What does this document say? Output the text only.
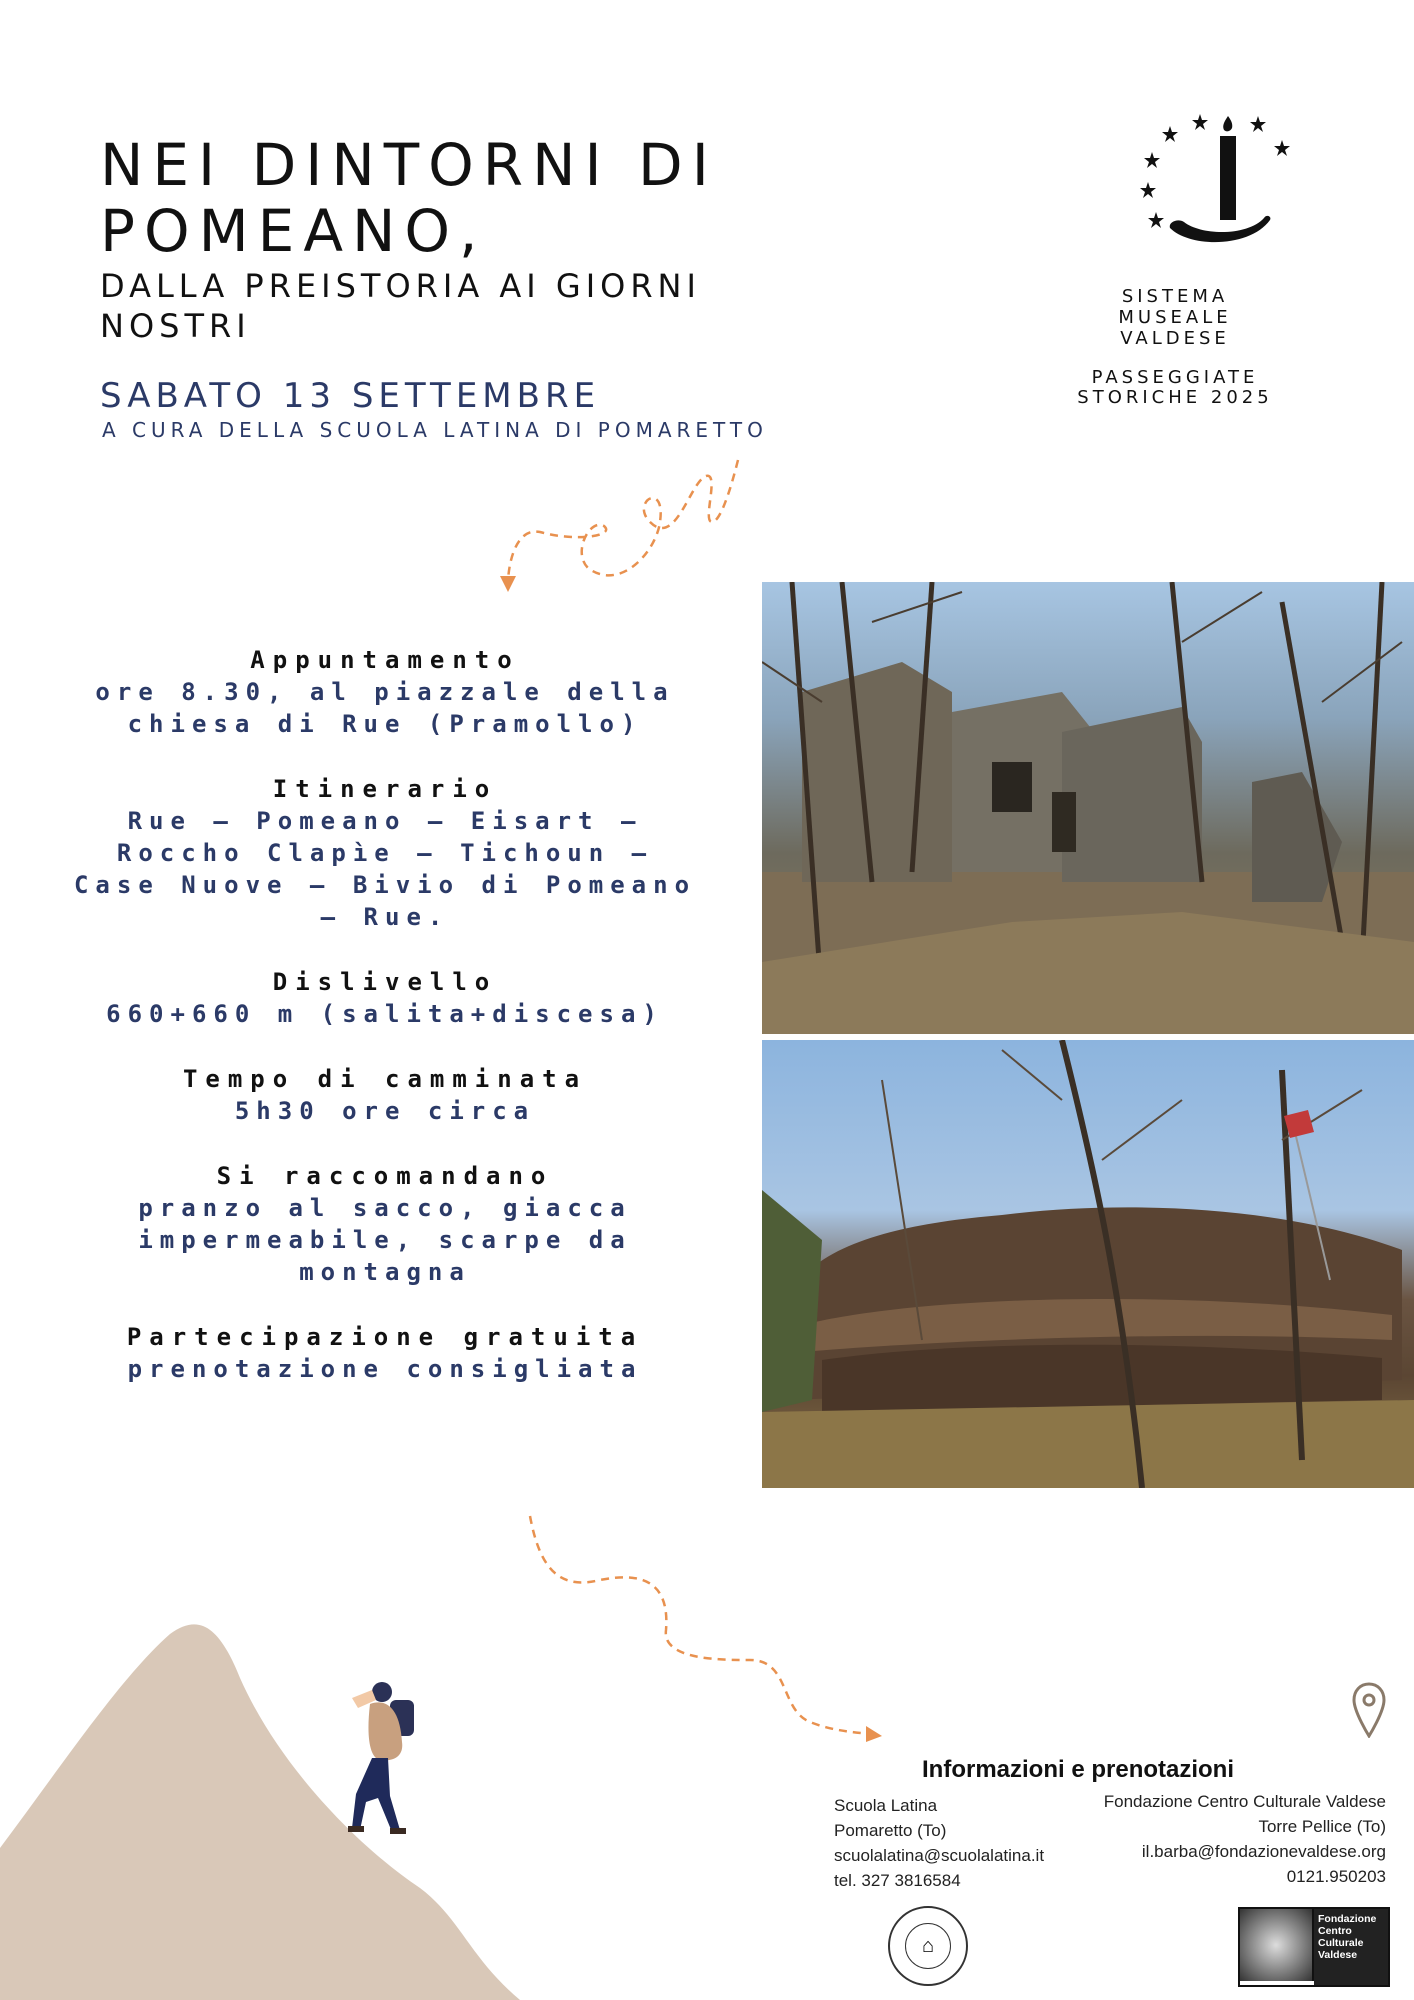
NEI DINTORNI DI
POMEANO,
DALLA PREISTORIA AI GIORNI
NOSTRI
SABATO 13 SETTEMBRE
A CURA DELLA SCUOLA LATINA DI POMARETTO
SISTEMA
MUSEALE
VALDESE
PASSEGGIATE
STORICHE 2025
Appuntamento
ore 8.30, al piazzale della chiesa di Rue (Pramollo)
Itinerario
Rue – Pomeano – Eisart – Roccho Clapìe – Tichoun – Case Nuove – Bivio di Pomeano – Rue.
Dislivello
660+660 m (salita+discesa)
Tempo di camminata
5h30 ore circa
Si raccomandano
pranzo al sacco, giacca impermeabile, scarpe da montagna
Partecipazione gratuita
prenotazione consigliata
Informazioni e prenotazioni
Scuola Latina
Pomaretto (To)
scuolalatina@scuolalatina.it
tel. 327 3816584
Fondazione Centro Culturale Valdese
Torre Pellice (To)
il.barba@fondazionevaldese.org
0121.950203
⌂
Fondazione Centro Culturale Valdese
